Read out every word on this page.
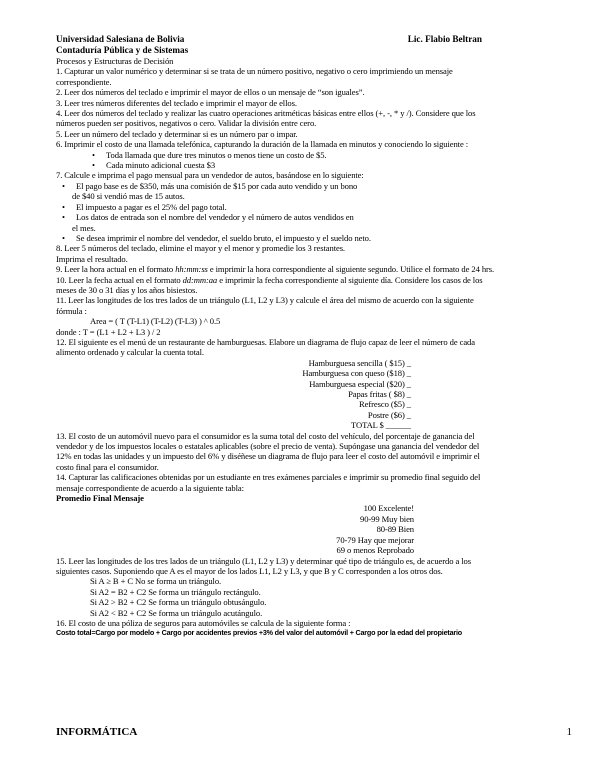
Universidad Salesiana de Bolivia	Lic. Flabio Beltran
Contaduría Pública y de Sistemas
Procesos y Estructuras de Decisión
1. Capturar un valor numérico y determinar si se trata de un número positivo, negativo o cero imprimiendo un mensaje
correspondiente.
2. Leer dos números del teclado e imprimir el mayor de ellos o un mensaje de “son iguales”.
3. Leer tres números diferentes del teclado e imprimir el mayor de ellos.
4. Leer dos números del teclado y realizar las cuatro operaciones aritméticas básicas entre ellos (+, -, * y /). Considere que los
números pueden ser positivos, negativos o cero. Validar la división entre cero.
5. Leer un número del teclado y determinar si es un número par o impar.
6. Imprimir el costo de una llamada telefónica, capturando la duración de la llamada en minutos y conociendo lo siguiente :
• Toda llamada que dure tres minutos o menos tiene un costo de $5.
• Cada minuto adicional cuesta $3
7. Calcule e imprima el pago mensual para un vendedor de autos, basándose en lo siguiente:
• El pago base es de $350, más una comisión de $15 por cada auto vendido y un bono
de $40 si vendió mas de 15 autos.
• El impuesto a pagar es el 25% del pago total.
• Los datos de entrada son el nombre del vendedor y el número de autos vendidos en
el mes.
• Se desea imprimir el nombre del vendedor, el sueldo bruto, el impuesto y el sueldo neto.
8. Leer 5 números del teclado, elimine el mayor y el menor y promedie los 3 restantes.
Imprima el resultado.
9. Leer la hora actual en el formato hh:mm:ss e imprimir la hora correspondiente al siguiente segundo. Utilice el formato de 24 hrs.
10. Leer la fecha actual en el formato dd:mm:aa e imprimir la fecha correspondiente al siguiente día. Considere los casos de los
meses de 30 o 31 días y los años bisiestos.
11. Leer las longitudes de los tres lados de un triángulo (L1, L2 y L3) y calcule el área del mismo de acuerdo con la siguiente
fórmula :
Area = ( T (T-L1) (T-L2) (T-L3) ) ^ 0.5
donde : T = (L1 + L2 + L3 ) / 2
12. El siguiente es el menú de un restaurante de hamburguesas. Elabore un diagrama de flujo capaz de leer el número de cada
alimento ordenado y calcular la cuenta total.
Hamburguesa sencilla ( $15) _
Hamburguesa con queso ($18) _
Hamburguesa especial ($20) _
Papas fritas ( $8) _
Refresco ($5) _
Postre ($6) _
TOTAL $ ______
13. El costo de un automóvil nuevo para el consumidor es la suma total del costo del vehículo, del porcentaje de ganancia del
vendedor y de los impuestos locales o estatales aplicables (sobre el precio de venta). Supóngase una ganancia del vendedor del
12% en todas las unidades y un impuesto del 6% y diséñese un diagrama de flujo para leer el costo del automóvil e imprimir el
costo final para el consumidor.
14. Capturar las calificaciones obtenidas por un estudiante en tres exámenes parciales e imprimir su promedio final seguido del
mensaje correspondiente de acuerdo a la siguiente tabla:
Promedio Final Mensaje
100 Excelente!
90-99 Muy bien
80-89 Bien
70-79 Hay que mejorar
69 o menos Reprobado
15. Leer las longitudes de los tres lados de un triángulo (L1, L2 y L3) y determinar qué tipo de triángulo es, de acuerdo a los
siguientes casos. Suponiendo que A es el mayor de los lados L1, L2 y L3, y que B y C corresponden a los otros dos.
Si A ≥ B + C No se forma un triángulo.
Si A2 = B2 + C2 Se forma un triángulo rectángulo.
Si A2 > B2 + C2 Se forma un triángulo obtusángulo.
Si A2 < B2 + C2 Se forma un triángulo acutángulo.
16. El costo de una póliza de seguros para automóviles se calcula de la siguiente forma :
Costo total=Cargo por modelo + Cargo por accidentes previos +3% del valor del automóvil + Cargo por la edad del propietario
INFORMÁTICA	1
